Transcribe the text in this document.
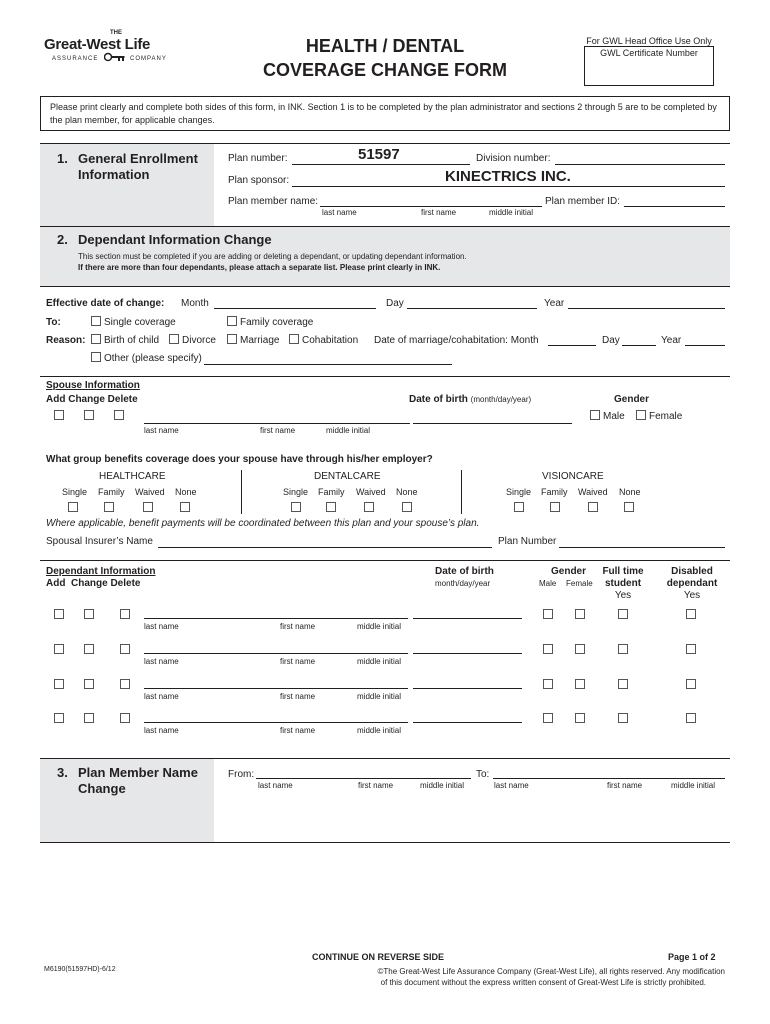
THE
Great-West Life
ASSURANCE	COMPANY
HEALTH / DENTAL
COVERAGE CHANGE FORM
For GWL Head Office Use Only
GWL Certificate Number
Please print clearly and complete both sides of this form, in INK. Section 1 is to be completed by the plan administrator and sections 2 through 5 are to be completed by the plan member, for applicable changes.
1. General Enrollment Information
Plan number:	51597	Division number:
Plan sponsor:	KINECTRICS INC.
Plan member name:	Plan member ID:
last name	first name	middle initial
2. Dependant Information Change
This section must be completed if you are adding or deleting a dependant, or updating dependant information.
If there are more than four dependants, please attach a separate list. Please print clearly in INK.
Effective date of change: Month	Day	Year
To:	Single coverage	Family coverage
Reason: Birth of child Divorce Marriage Cohabitation Date of marriage/cohabitation: Month	Day	Year
Other (please specify)
Spouse Information
Add Change Delete	Date of birth (month/day/year)	Gender
Male Female
last name	first name	middle initial
What group benefits coverage does your spouse have through his/her employer?
HEALTHCARE	DENTALCARE	VISIONCARE
Single Family Waived None	Single Family Waived None	Single Family Waived None
Where applicable, benefit payments will be coordinated between this plan and your spouse’s plan.
Spousal Insurer’s Name	Plan Number
Dependant Information
Add  Change Delete
Date of birth
month/day/year
Gender
Male Female
Full time
student
Yes
Disabled
dependant
Yes
last name	first name	middle initial
last name	first name	middle initial
last name	first name	middle initial
last name	first name	middle initial
3. Plan Member Name Change
From:	To:
last name	first name	middle initial	last name	first name	middle initial
CONTINUE ON REVERSE SIDE	Page 1 of 2
M6190(51597HD)-6/12	©The Great-West Life Assurance Company (Great-West Life), all rights reserved. Any modification
of this document without the express written consent of Great-West Life is strictly prohibited.
